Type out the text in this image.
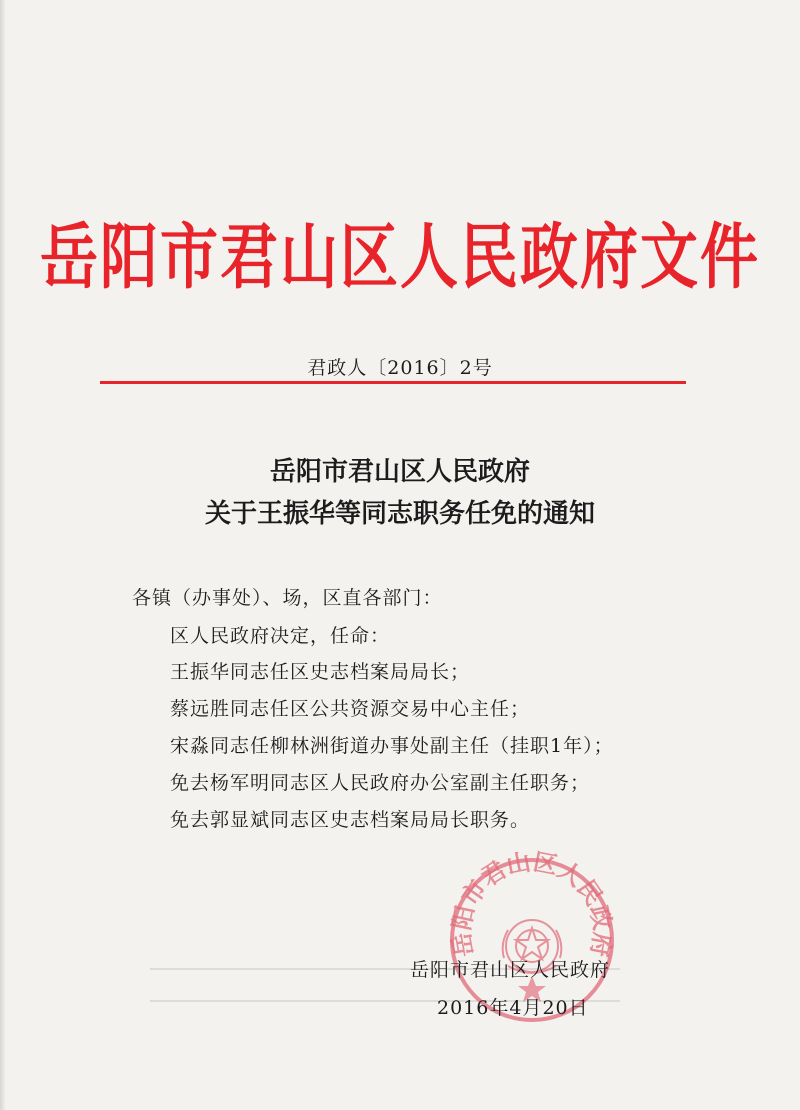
岳阳市君山区人民政府文件
君政人〔2016〕2号
岳阳市君山区人民政府
关于王振华等同志职务任免的通知
各镇（办事处）、场，区直各部门：
区人民政府决定，任命：
王振华同志任区史志档案局局长；
蔡远胜同志任区公共资源交易中心主任；
宋淼同志任柳林洲街道办事处副主任（挂职1年）；
免去杨军明同志区人民政府办公室副主任职务；
免去郭显斌同志区史志档案局局长职务。
岳阳市君山区人民政府
岳阳市君山区人民政府
2016年4月20日
